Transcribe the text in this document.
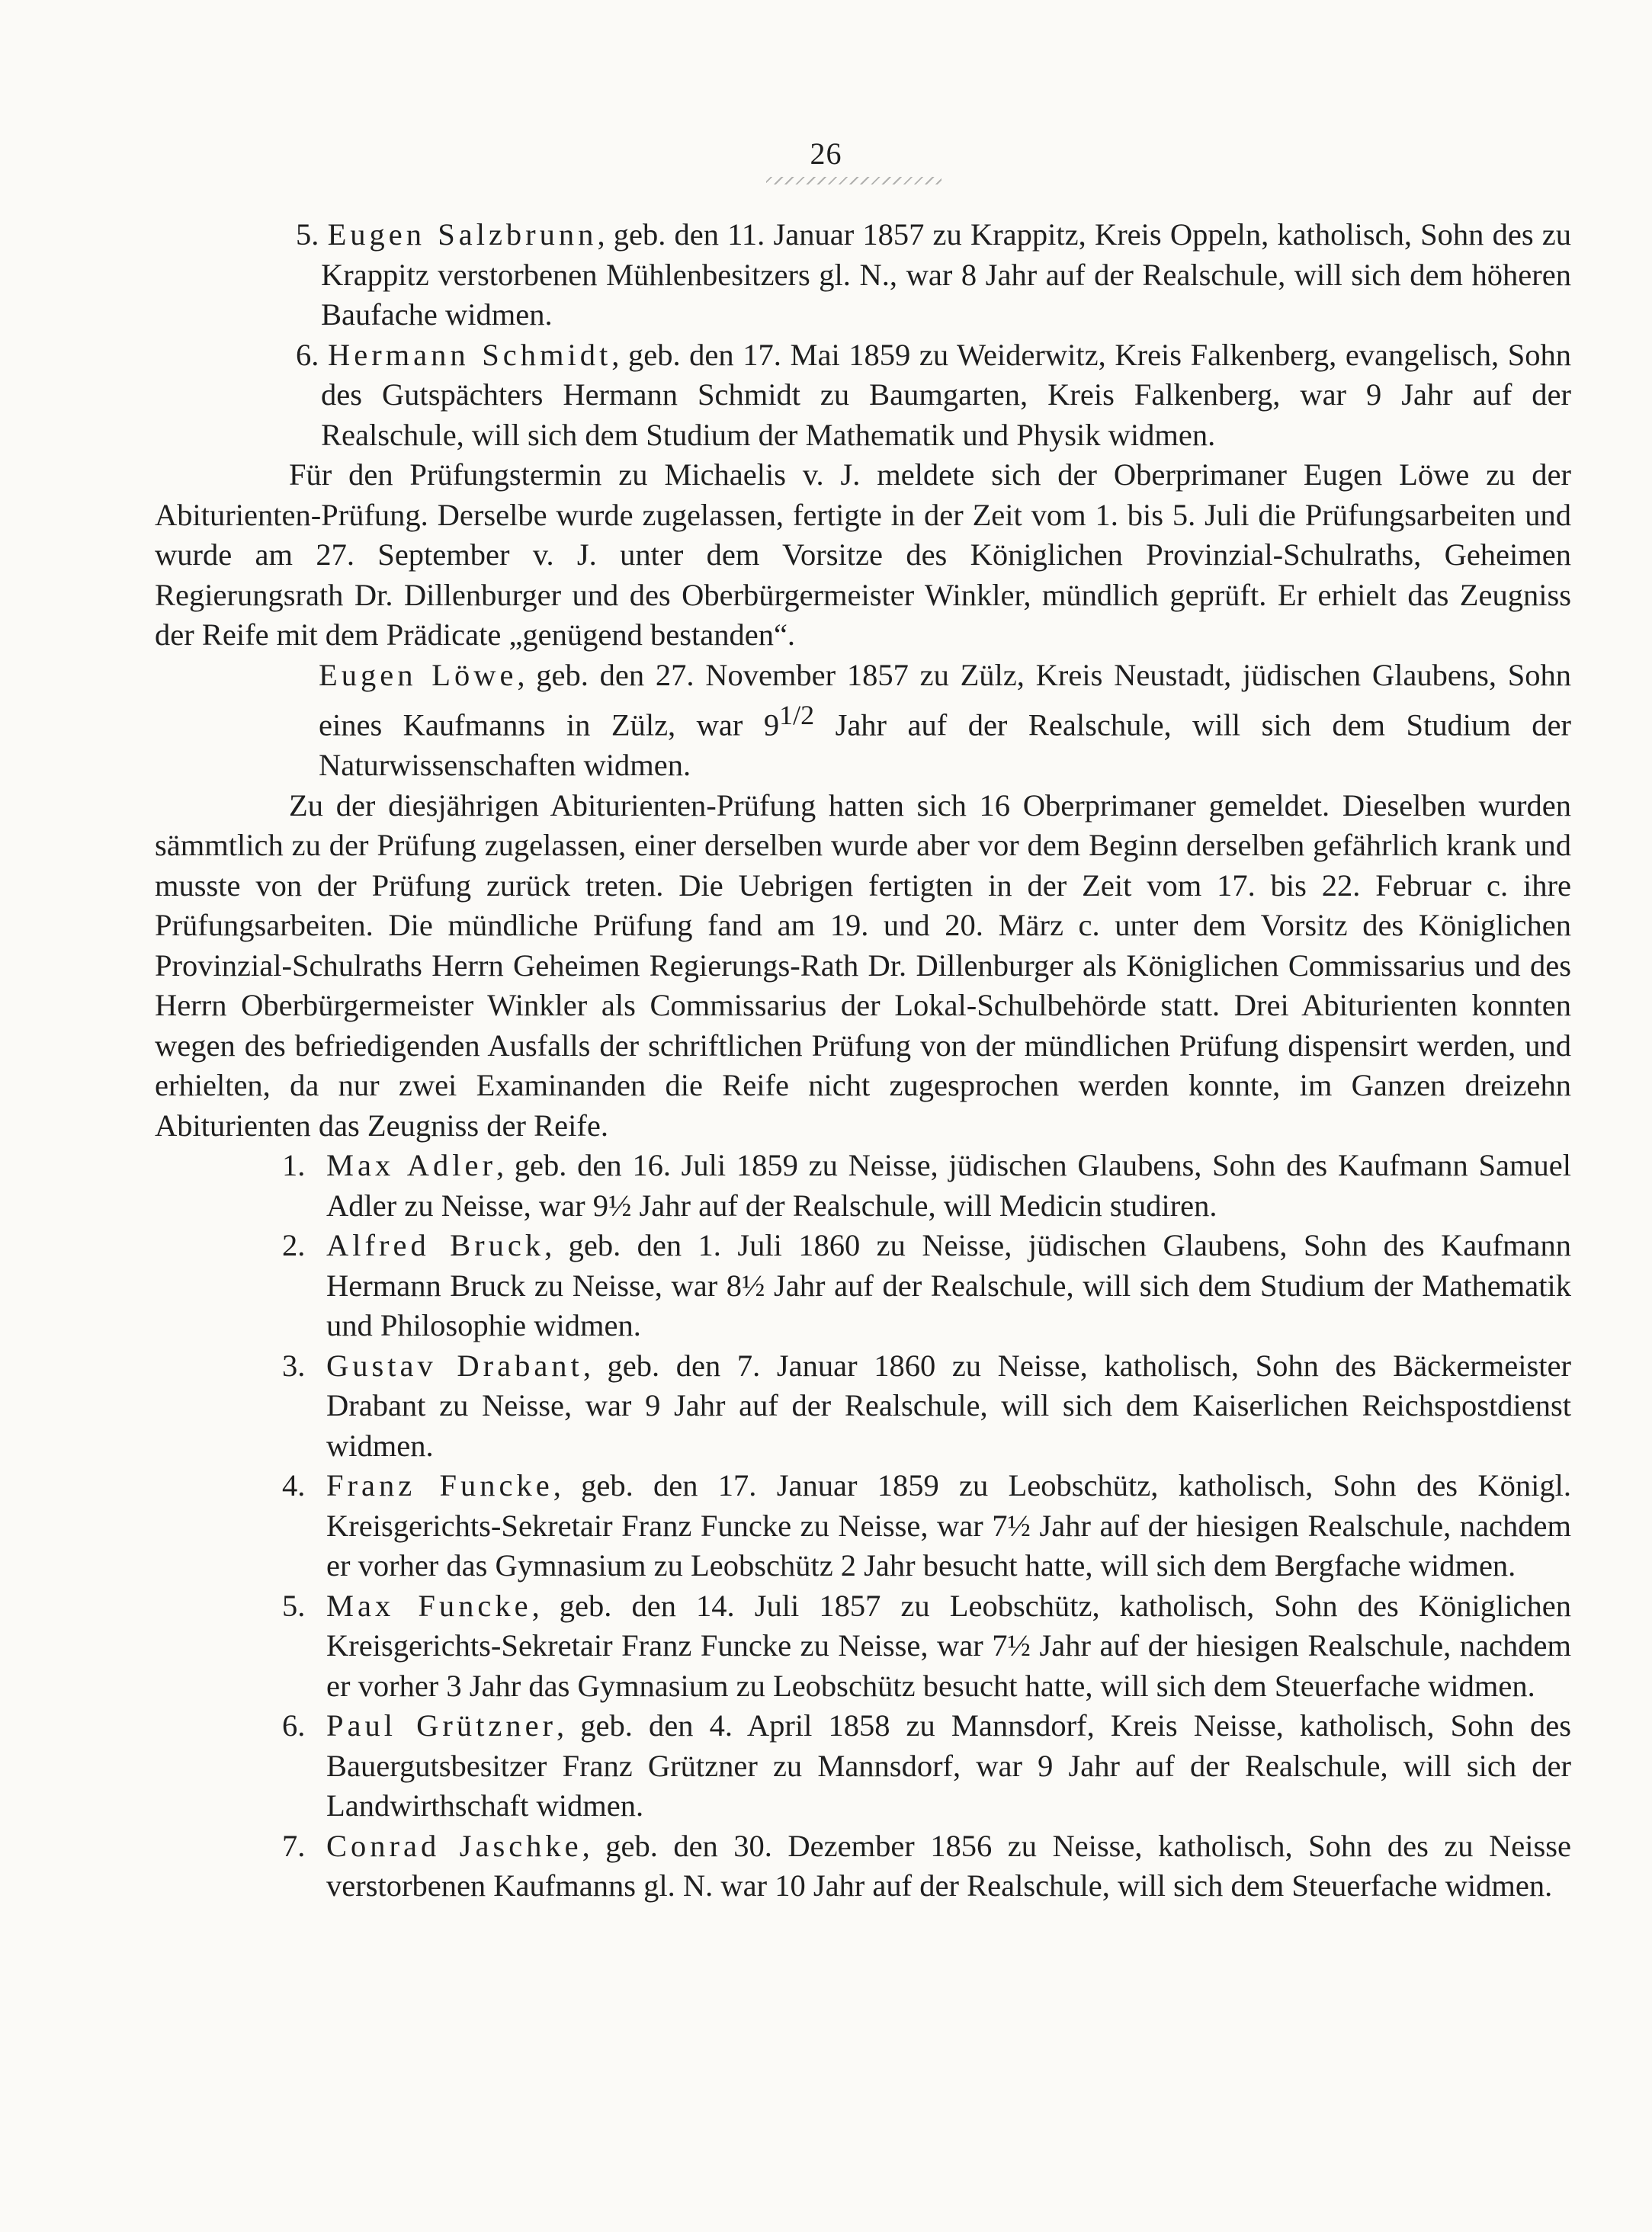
26

5. Eugen Salzbrunn, geb. den 11. Januar 1857 zu Krappitz, Kreis Oppeln, katholisch, Sohn des zu Krappitz verstorbenen Mühlenbesitzers gl. N., war 8 Jahr auf der Realschule, will sich dem höheren Baufache widmen.

6. Hermann Schmidt, geb. den 17. Mai 1859 zu Weiderwitz, Kreis Falkenberg, evangelisch, Sohn des Gutspächters Hermann Schmidt zu Baumgarten, Kreis Falkenberg, war 9 Jahr auf der Realschule, will sich dem Studium der Mathematik und Physik widmen.

Für den Prüfungstermin zu Michaelis v. J. meldete sich der Oberprimaner Eugen Löwe zu der Abiturienten-Prüfung. Derselbe wurde zugelassen, fertigte in der Zeit vom 1. bis 5. Juli die Prüfungsarbeiten und wurde am 27. September v. J. unter dem Vorsitze des Königlichen Provinzial-Schulraths, Geheimen Regierungsrath Dr. Dillenburger und des Oberbürgermeister Winkler, mündlich geprüft. Er erhielt das Zeugniss der Reife mit dem Prädicate „genügend bestanden“.

Eugen Löwe, geb. den 27. November 1857 zu Zülz, Kreis Neustadt, jüdischen Glaubens, Sohn eines Kaufmanns in Zülz, war $9^{1/2}$ Jahr auf der Realschule, will sich dem Studium der Naturwissenschaften widmen.

Zu der diesjährigen Abiturienten-Prüfung hatten sich 16 Oberprimaner gemeldet. Dieselben wurden sämmtlich zu der Prüfung zugelassen, einer derselben wurde aber vor dem Beginn derselben gefährlich krank und musste von der Prüfung zurück treten. Die Uebrigen fertigten in der Zeit vom 17. bis 22. Februar c. ihre Prüfungsarbeiten. Die mündliche Prüfung fand am 19. und 20. März c. unter dem Vorsitz des Königlichen Provinzial-Schulraths Herrn Geheimen Regierungs-Rath Dr. Dillenburger als Königlichen Commissarius und des Herrn Oberbürgermeister Winkler als Commissarius der Lokal-Schulbehörde statt. Drei Abiturienten konnten wegen des befriedigenden Ausfalls der schriftlichen Prüfung von der mündlichen Prüfung dispensirt werden, und erhielten, da nur zwei Examinanden die Reife nicht zugesprochen werden konnte, im Ganzen dreizehn Abiturienten das Zeugniss der Reife.

1. Max Adler, geb. den 16. Juli 1859 zu Neisse, jüdischen Glaubens, Sohn des Kaufmann Samuel Adler zu Neisse, war 9½ Jahr auf der Realschule, will Medicin studiren.

2. Alfred Bruck, geb. den 1. Juli 1860 zu Neisse, jüdischen Glaubens, Sohn des Kaufmann Hermann Bruck zu Neisse, war 8½ Jahr auf der Realschule, will sich dem Studium der Mathematik und Philosophie widmen.

3. Gustav Drabant, geb. den 7. Januar 1860 zu Neisse, katholisch, Sohn des Bäckermeister Drabant zu Neisse, war 9 Jahr auf der Realschule, will sich dem Kaiserlichen Reichspostdienst widmen.

4. Franz Funcke, geb. den 17. Januar 1859 zu Leobschütz, katholisch, Sohn des Königl. Kreisgerichts-Sekretair Franz Funcke zu Neisse, war 7½ Jahr auf der hiesigen Realschule, nachdem er vorher das Gymnasium zu Leobschütz 2 Jahr besucht hatte, will sich dem Bergfache widmen.

5. Max Funcke, geb. den 14. Juli 1857 zu Leobschütz, katholisch, Sohn des Königlichen Kreisgerichts-Sekretair Franz Funcke zu Neisse, war 7½ Jahr auf der hiesigen Realschule, nachdem er vorher 3 Jahr das Gymnasium zu Leobschütz besucht hatte, will sich dem Steuerfache widmen.

6. Paul Grützner, geb. den 4. April 1858 zu Mannsdorf, Kreis Neisse, katholisch, Sohn des Bauergutsbesitzer Franz Grützner zu Mannsdorf, war 9 Jahr auf der Realschule, will sich der Landwirthschaft widmen.

7. Conrad Jaschke, geb. den 30. Dezember 1856 zu Neisse, katholisch, Sohn des zu Neisse verstorbenen Kaufmanns gl. N. war 10 Jahr auf der Realschule, will sich dem Steuerfache widmen.
